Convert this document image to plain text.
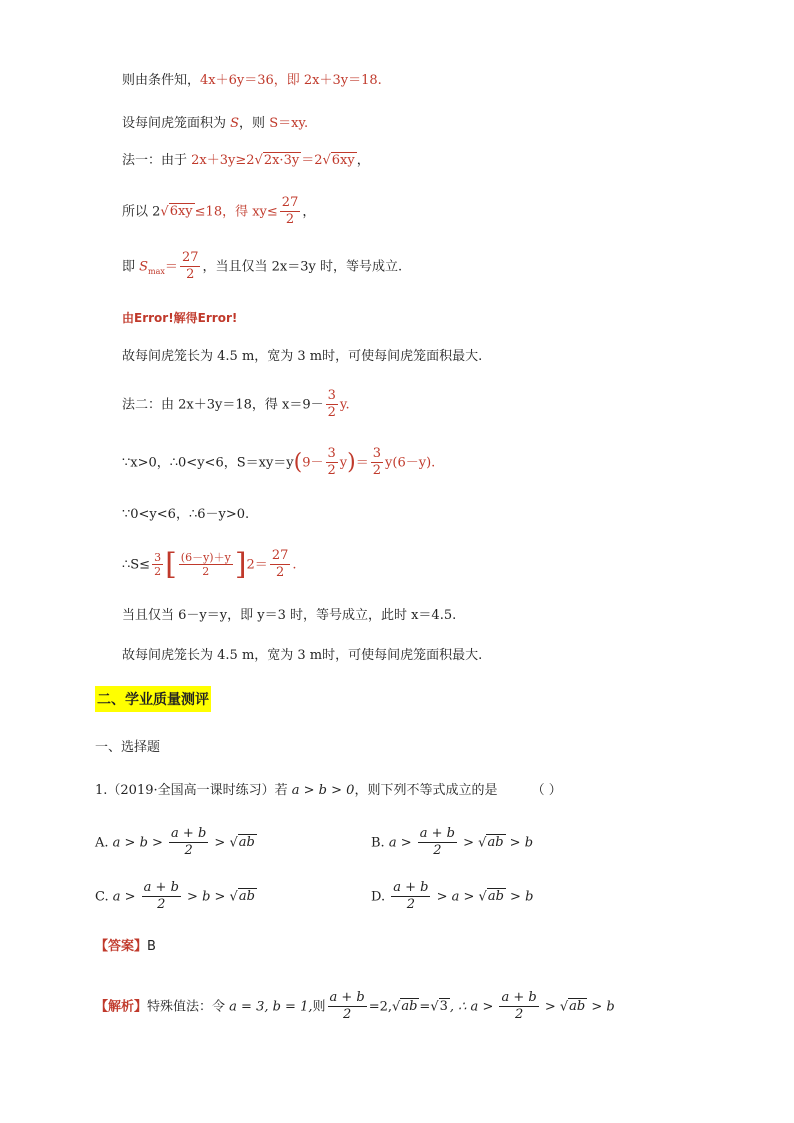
则由条件知，4x＋6y＝36，即 2x＋3y＝18.
设每间虎笼面积为 S，则 S＝xy.
法一：由于 2x＋3y≥2√2x·3y ＝2√6xy ，
所以 2√6xy ≤18，得 $xy\le \frac{27}{2}$ ，
即 $S_{max}= \frac{27}{2}$ ，当且仅当 2x＝3y 时，等号成立.
由Error!解得Error!
故每间虎笼长为 4.5 m，宽为 3 m时，可使每间虎笼面积最大.
法二：由 2x＋3y＝18，得 $x=9- \frac{3}{2} y$.
∵x>0，∴0<y<6，$S=xy=y(9- \frac{3}{2} y)= \frac{3}{2} y(6-y)$.
∵0<y<6，∴6－y>0.
∴S≤ $\frac{3}{2}$ [ $\frac{(6-y)+y}{2} ]2= \frac{27}{2}$ .
当且仅当 6－y＝y，即 y＝3 时，等号成立，此时 x＝4.5.
故每间虎笼长为 4.5 m，宽为 3 m时，可使每间虎笼面积最大.
二、学业质量测评
一、选择题
1.（2019·全国高一课时练习）若 a > b > 0，则下列不等式成立的是	（ ）
A. $a > b > \frac{a + b}{2} > √ab$	B. $a > \frac{a + b}{2} > √ab > b$
C. $a > \frac{a + b}{2} > b > √ab$	D. $\frac{a + b}{2} > a > √ab > b$
【答案】B
【解析】特殊值法：令 a = 3, b = 1,则 $\frac{a + b}{2} =2,√ab =√3$ , ∴ $a > \frac{a + b}{2} > √ab > b$
